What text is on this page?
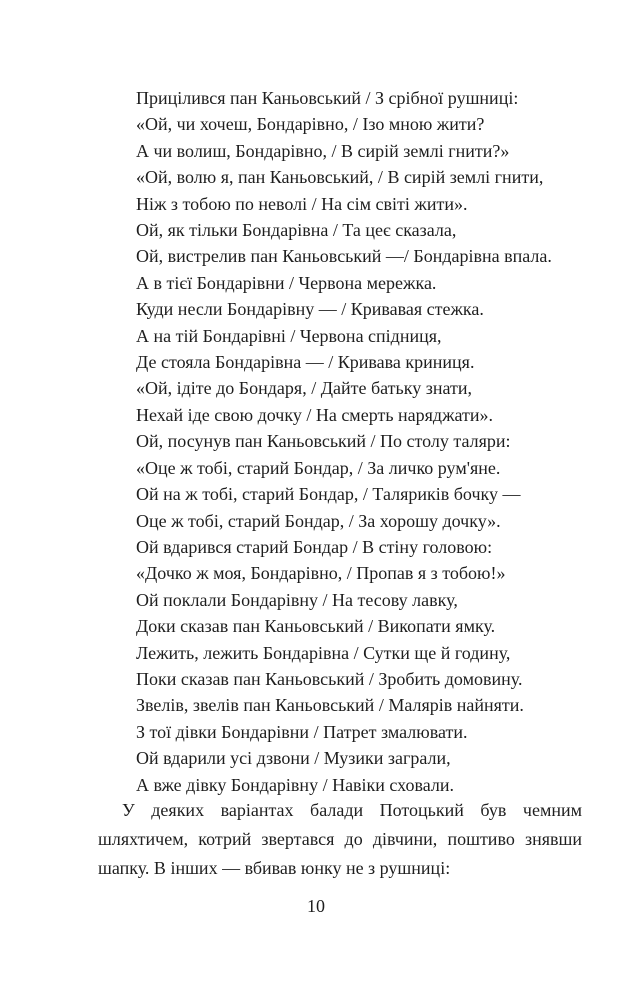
Прицілився пан Каньовський / З срібної рушниці:
«Ой, чи хочеш, Бондарівно, / Ізо мною жити?
А чи волиш, Бондарівно, / В сирій землі гнити?»
«Ой, волю я, пан Каньовський, / В сирій землі гнити,
Ніж з тобою по неволі / На сім світі жити».
Ой, як тільки Бондарівна / Та цеє сказала,
Ой, вистрелив пан Каньовський —/ Бондарівна впала.
А в тієї Бондарівни / Червона мережка.
Куди несли Бондарівну — / Кривавая стежка.
А на тій Бондарівні / Червона спідниця,
Де стояла Бондарівна — / Кривава криниця.
«Ой, ідіте до Бондаря, / Дайте батьку знати,
Нехай іде свою дочку / На смерть наряджати».
Ой, посунув пан Каньовський / По столу таляри:
«Оце ж тобі, старий Бондар, / За личко рум'яне.
Ой на ж тобі, старий Бондар, / Таляриків бочку —
Оце ж тобі, старий Бондар, / За хорошу дочку».
Ой вдарився старий Бондар / В стіну головою:
«Дочко ж моя, Бондарівно, / Пропав я з тобою!»
Ой поклали Бондарівну / На тесову лавку,
Доки сказав пан Каньовський / Викопати ямку.
Лежить, лежить Бондарівна / Сутки ще й годину,
Поки сказав пан Каньовський / Зробить домовину.
Звелів, звелів пан Каньовський / Малярів найняти.
З тої дівки Бондарівни / Патрет змалювати.
Ой вдарили усі дзвони / Музики заграли,
А вже дівку Бондарівну / Навіки сховали.

У деяких варіантах балади Потоцький був чемним шляхтичем, котрий звертався до дівчини, поштиво знявши шапку. В інших — вбивав юнку не з рушниці:

10
